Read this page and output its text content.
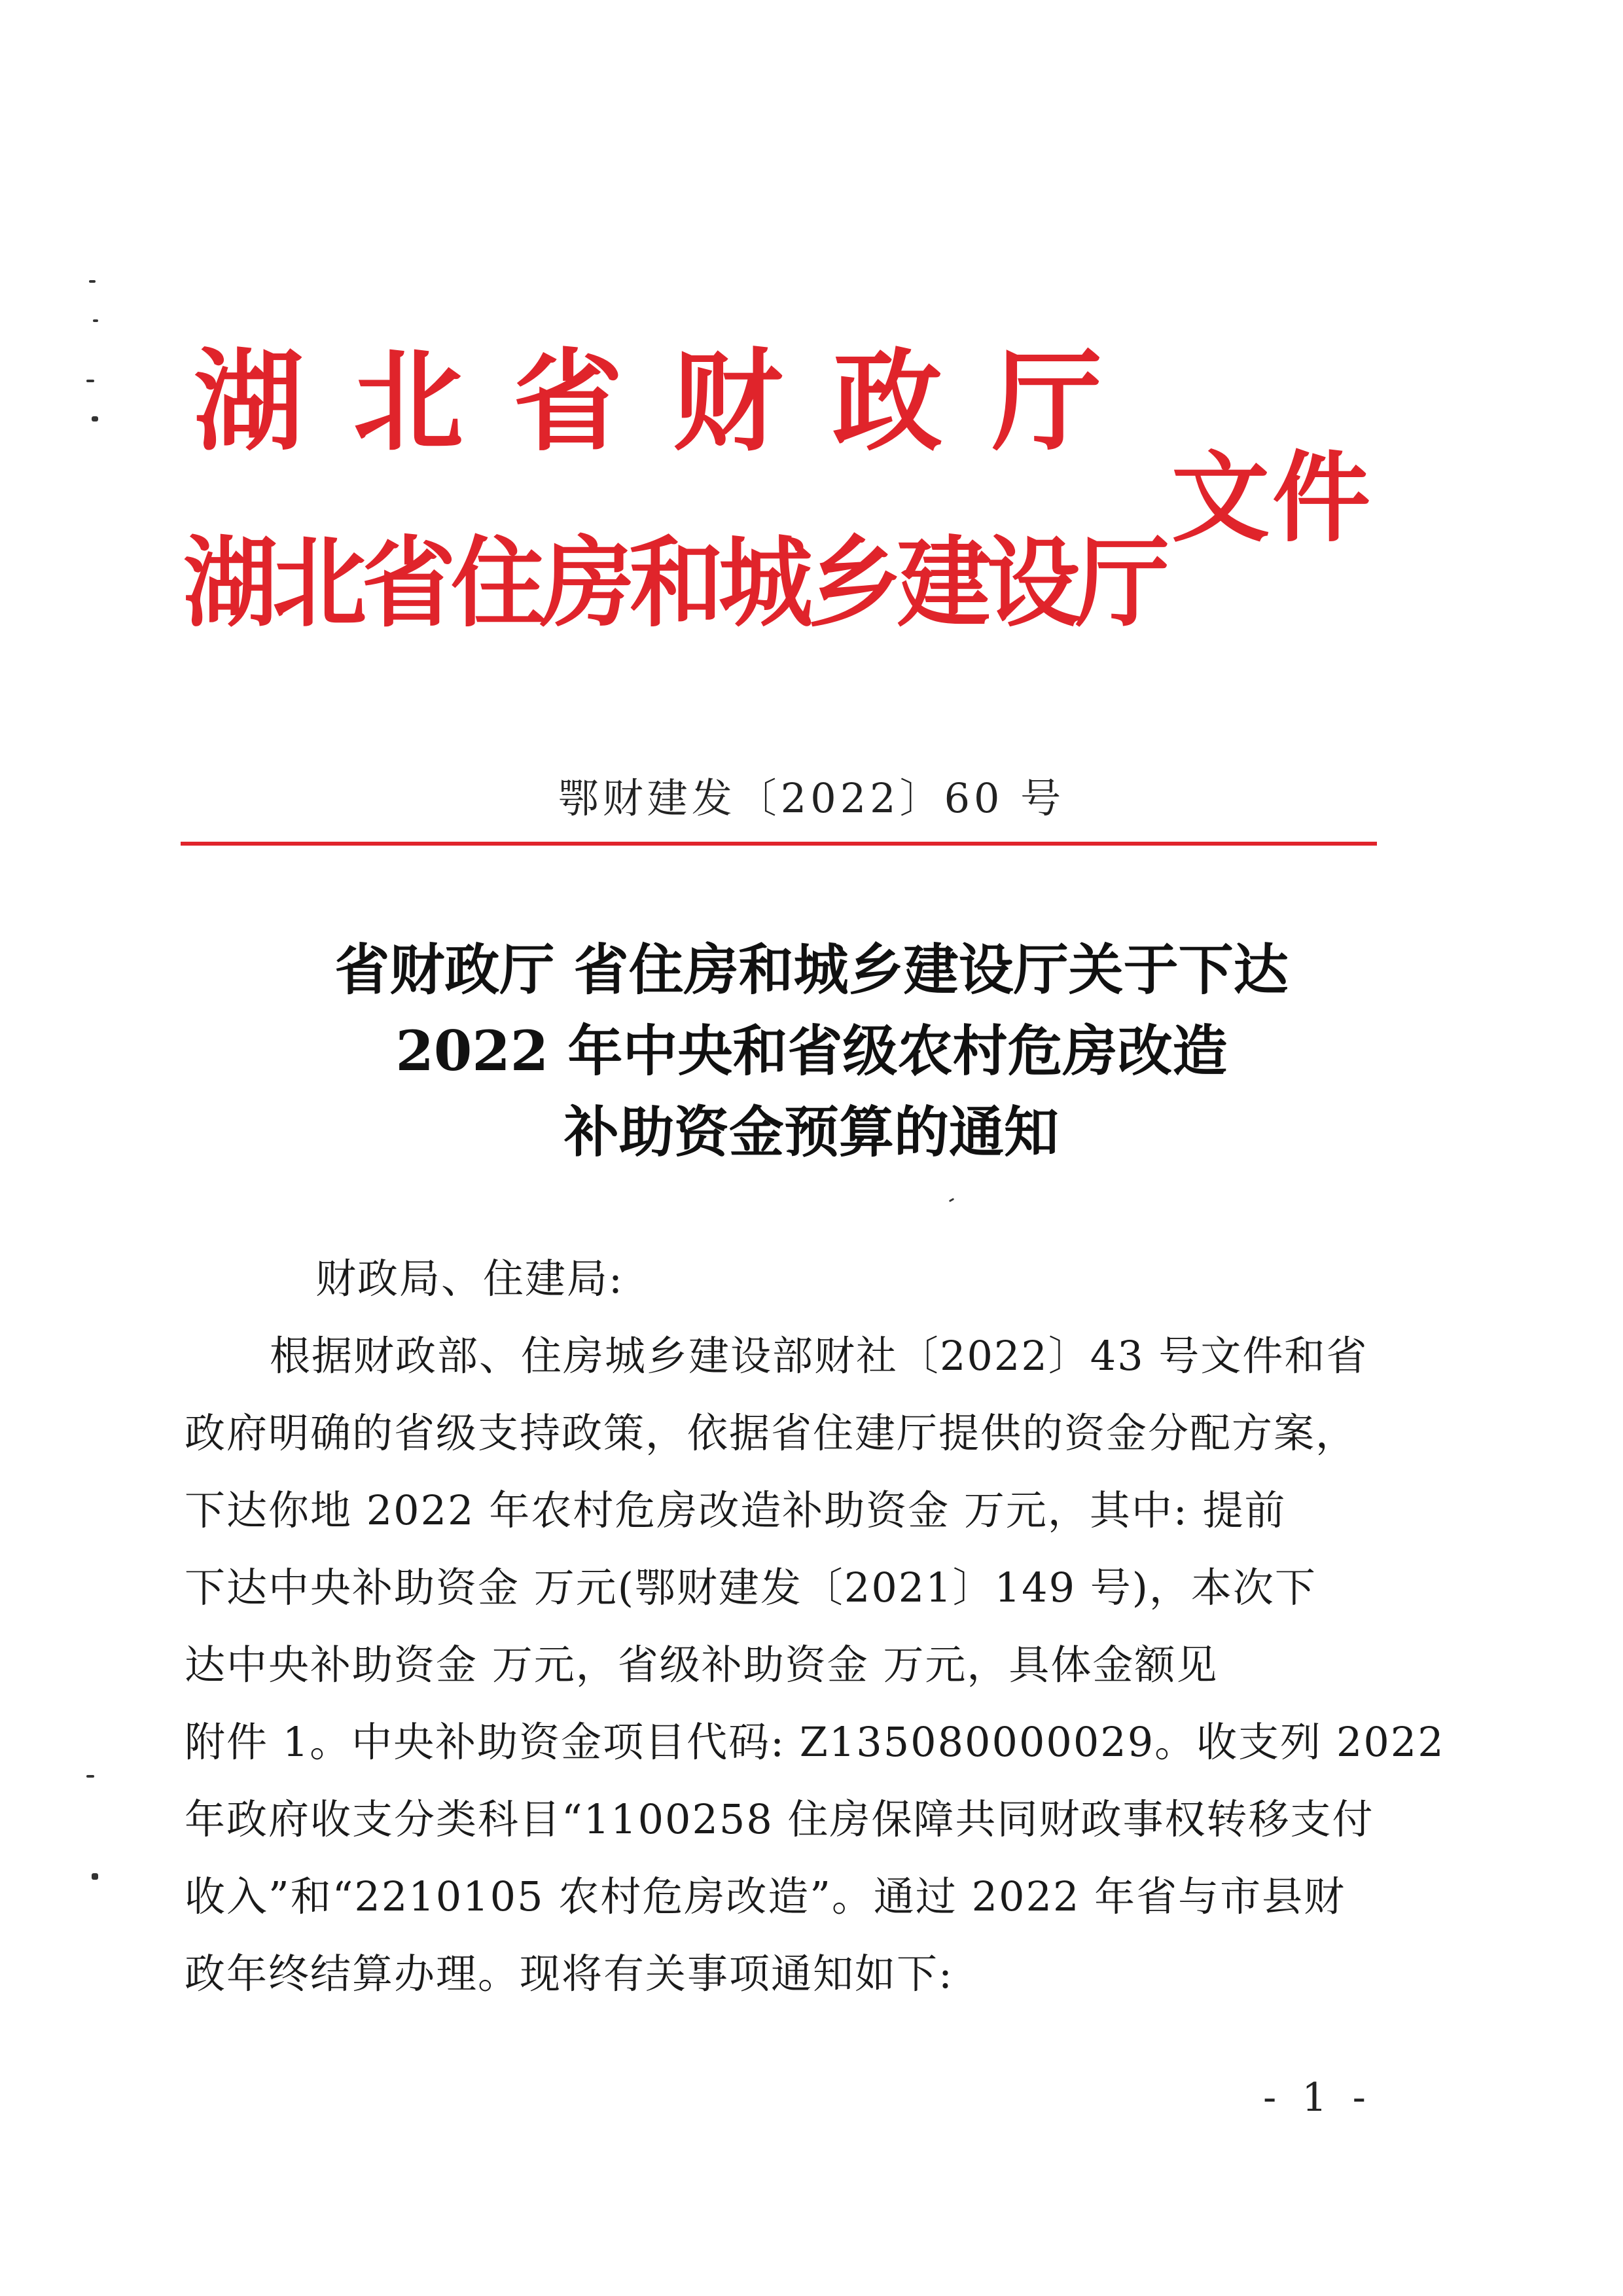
湖 北 省 财 政 厅
湖北省住房和城乡建设厅
文件
鄂财建发〔2022〕60 号
省财政厅 省住房和城乡建设厅关于下达
2022 年中央和省级农村危房改造
补助资金预算的通知
财政局、住建局:
根据财政部、住房城乡建设部财社〔2022〕43 号文件和省
政府明确的省级支持政策，依据省住建厅提供的资金分配方案，
下达你地 2022 年农村危房改造补助资金 万元，其中: 提前
下达中央补助资金 万元(鄂财建发〔2021〕149 号)，本次下
达中央补助资金 万元，省级补助资金 万元，具体金额见
附件 1。中央补助资金项目代码: Z135080000029。收支列 2022
年政府收支分类科目“1100258 住房保障共同财政事权转移支付
收入”和“2210105 农村危房改造”。通过 2022 年省与市县财
政年终结算办理。现将有关事项通知如下:
- 1 -
